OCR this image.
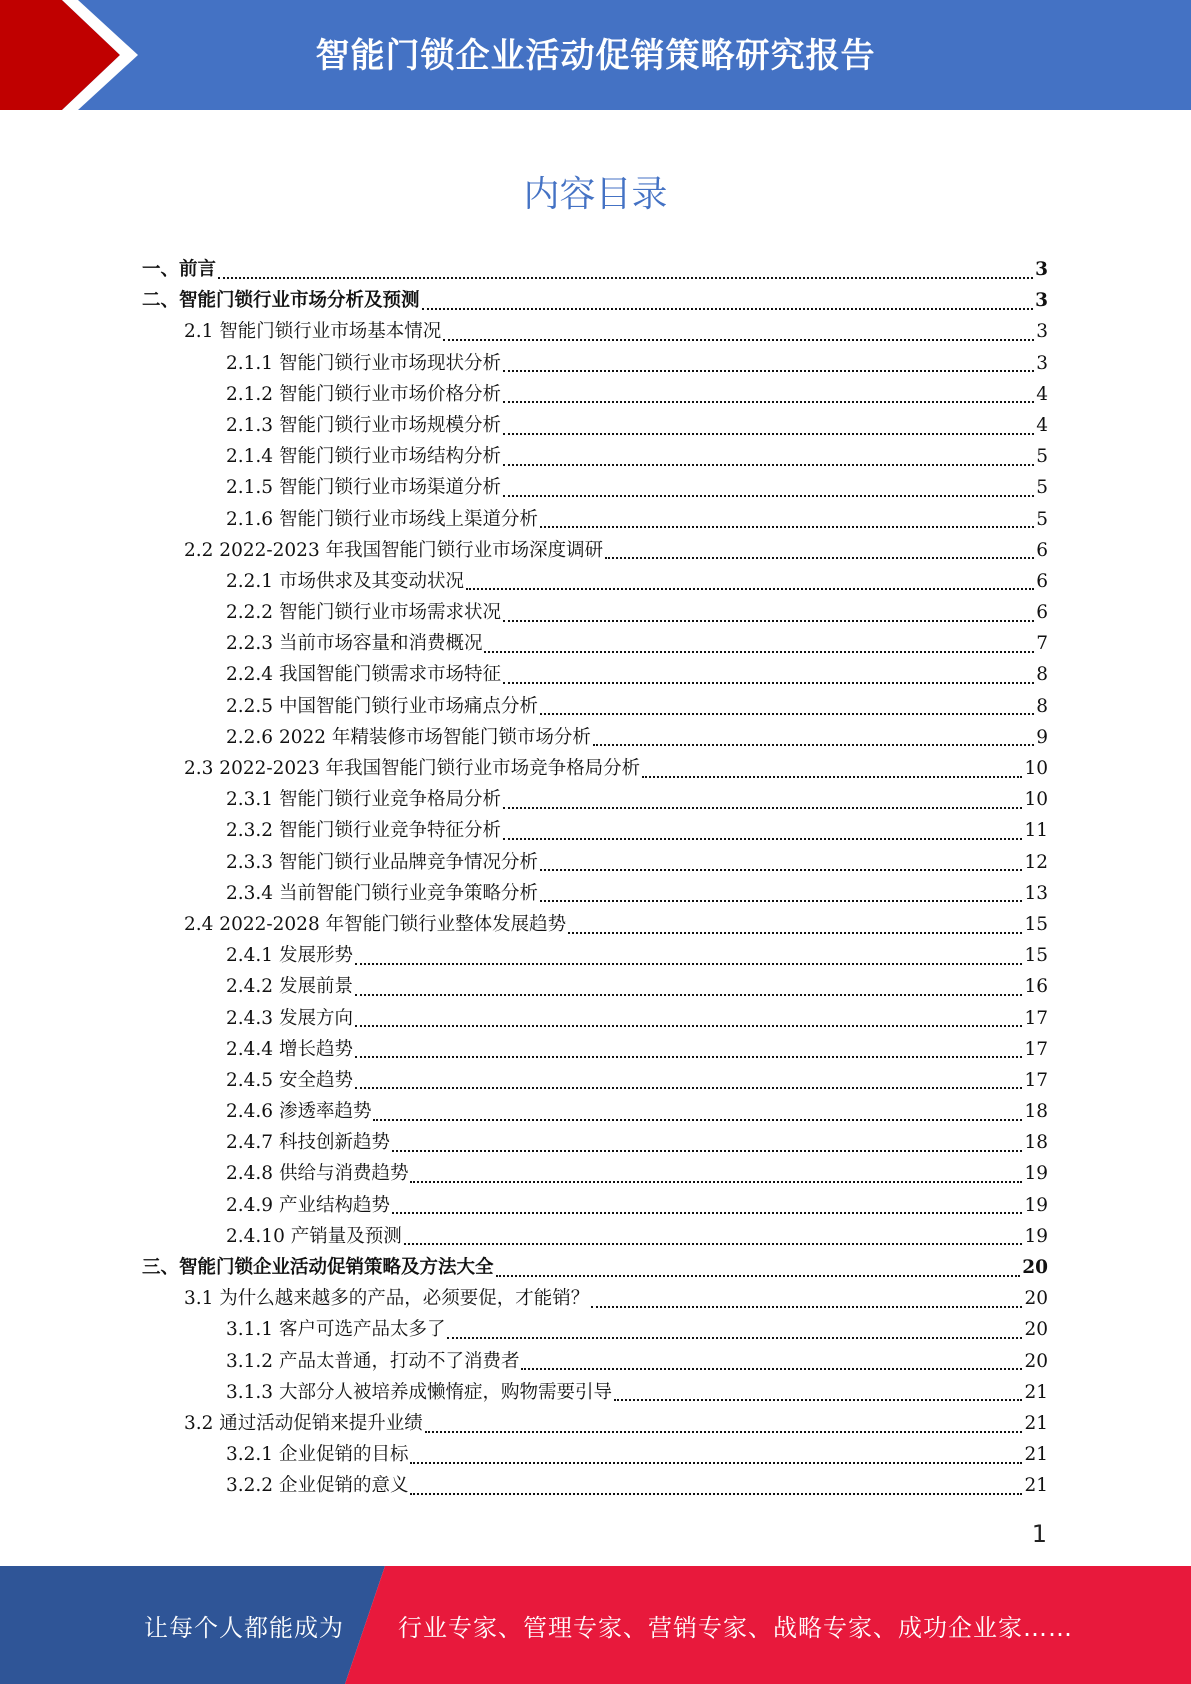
智能门锁企业活动促销策略研究报告
内容目录
一、前言	3
二、智能门锁行业市场分析及预测	3
2.1 智能门锁行业市场基本情况	3
2.1.1 智能门锁行业市场现状分析	3
2.1.2 智能门锁行业市场价格分析	4
2.1.3 智能门锁行业市场规模分析	4
2.1.4 智能门锁行业市场结构分析	5
2.1.5 智能门锁行业市场渠道分析	5
2.1.6 智能门锁行业市场线上渠道分析	5
2.2 2022-2023 年我国智能门锁行业市场深度调研	6
2.2.1 市场供求及其变动状况	6
2.2.2 智能门锁行业市场需求状况	6
2.2.3 当前市场容量和消费概况	7
2.2.4 我国智能门锁需求市场特征	8
2.2.5 中国智能门锁行业市场痛点分析	8
2.2.6 2022 年精装修市场智能门锁市场分析	9
2.3 2022-2023 年我国智能门锁行业市场竞争格局分析	10
2.3.1 智能门锁行业竞争格局分析	10
2.3.2 智能门锁行业竞争特征分析	11
2.3.3 智能门锁行业品牌竞争情况分析	12
2.3.4 当前智能门锁行业竞争策略分析	13
2.4 2022-2028 年智能门锁行业整体发展趋势	15
2.4.1 发展形势	15
2.4.2 发展前景	16
2.4.3 发展方向	17
2.4.4 增长趋势	17
2.4.5 安全趋势	17
2.4.6 渗透率趋势	18
2.4.7 科技创新趋势	18
2.4.8 供给与消费趋势	19
2.4.9 产业结构趋势	19
2.4.10 产销量及预测	19
三、智能门锁企业活动促销策略及方法大全	20
3.1 为什么越来越多的产品，必须要促，才能销？	20
3.1.1 客户可选产品太多了	20
3.1.2 产品太普通，打动不了消费者	20
3.1.3 大部分人被培养成懒惰症，购物需要引导	21
3.2 通过活动促销来提升业绩	21
3.2.1 企业促销的目标	21
3.2.2 企业促销的意义	21
1
让每个人都能成为 行业专家、管理专家、营销专家、战略专家、成功企业家……
